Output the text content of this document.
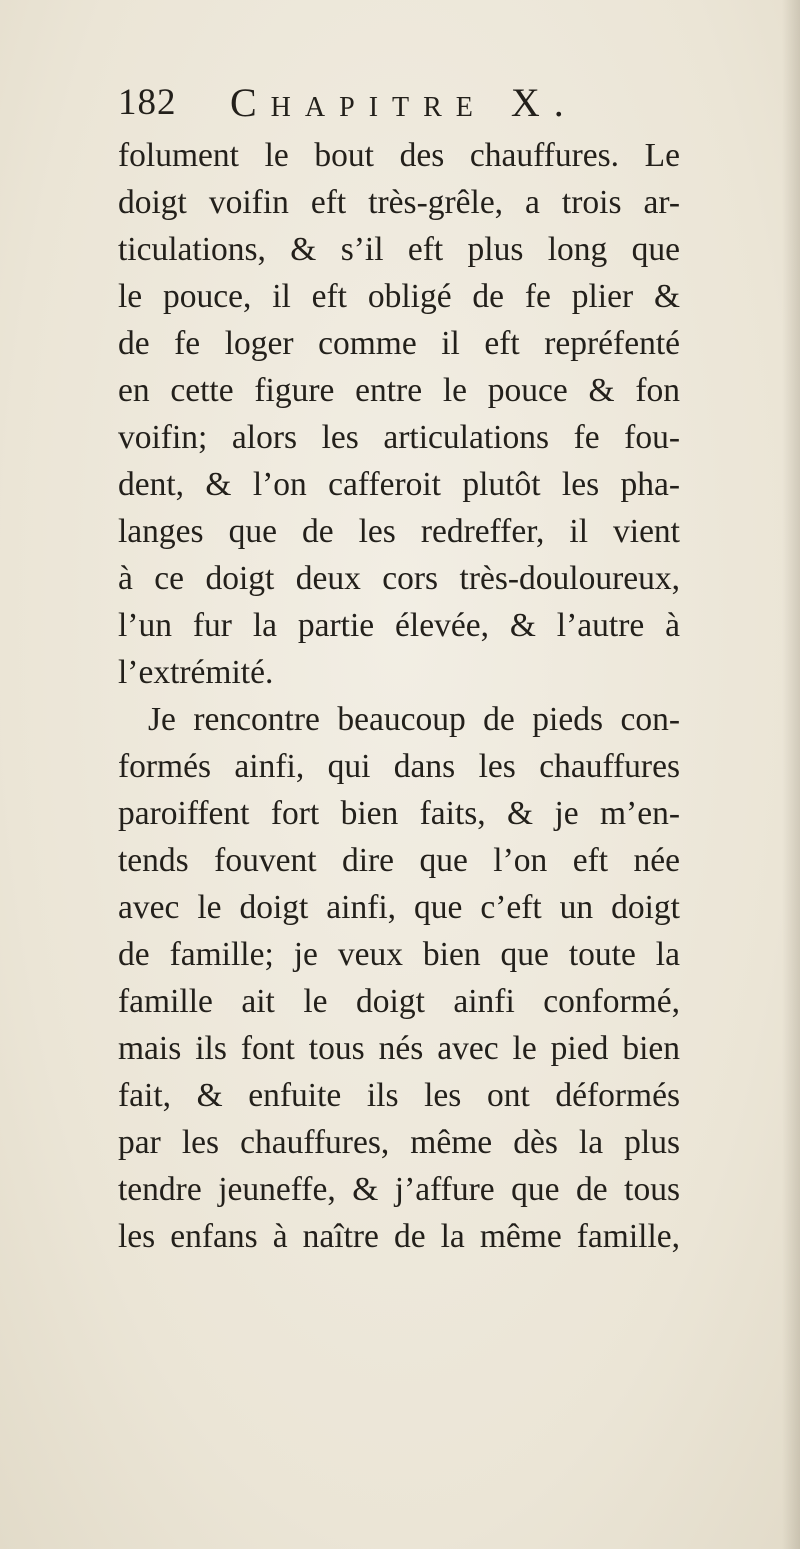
182 Chapitre X.
folument le bout des chauffures. Le
doigt voifin eft très-grêle, a trois ar-
ticulations, & s’il eft plus long que
le pouce, il eft obligé de fe plier &
de fe loger comme il eft repréfenté
en cette figure entre le pouce & fon
voifin; alors les articulations fe fou-
dent, & l’on cafferoit plutôt les pha-
langes que de les redreffer, il vient
à ce doigt deux cors très-douloureux,
l’un fur la partie élevée, & l’autre à
l’extrémité.
Je rencontre beaucoup de pieds con-
formés ainfi, qui dans les chauffures
paroiffent fort bien faits, & je m’en-
tends fouvent dire que l’on eft née
avec le doigt ainfi, que c’eft un doigt
de famille; je veux bien que toute la
famille ait le doigt ainfi conformé,
mais ils font tous nés avec le pied bien
fait, & enfuite ils les ont déformés
par les chauffures, même dès la plus
tendre jeuneffe, & j’affure que de tous
les enfans à naître de la même famille,
